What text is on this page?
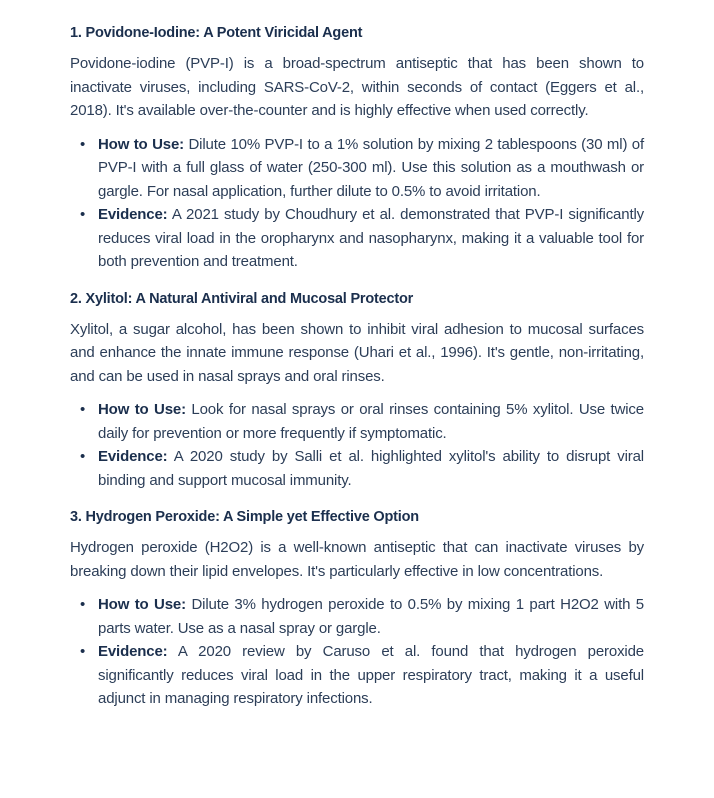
1. Povidone-Iodine: A Potent Viricidal Agent

Povidone-iodine (PVP-I) is a broad-spectrum antiseptic that has been shown to inactivate viruses, including SARS-CoV-2, within seconds of contact (Eggers et al., 2018). It's available over-the-counter and is highly effective when used correctly.

• How to Use: Dilute 10% PVP-I to a 1% solution by mixing 2 tablespoons (30 ml) of PVP-I with a full glass of water (250-300 ml). Use this solution as a mouthwash or gargle. For nasal application, further dilute to 0.5% to avoid irritation.
• Evidence: A 2021 study by Choudhury et al. demonstrated that PVP-I significantly reduces viral load in the oropharynx and nasopharynx, making it a valuable tool for both prevention and treatment.
2. Xylitol: A Natural Antiviral and Mucosal Protector

Xylitol, a sugar alcohol, has been shown to inhibit viral adhesion to mucosal surfaces and enhance the innate immune response (Uhari et al., 1996). It's gentle, non-irritating, and can be used in nasal sprays and oral rinses.

• How to Use: Look for nasal sprays or oral rinses containing 5% xylitol. Use twice daily for prevention or more frequently if symptomatic.
• Evidence: A 2020 study by Salli et al. highlighted xylitol's ability to disrupt viral binding and support mucosal immunity.
3. Hydrogen Peroxide: A Simple yet Effective Option

Hydrogen peroxide (H2O2) is a well-known antiseptic that can inactivate viruses by breaking down their lipid envelopes. It's particularly effective in low concentrations.

• How to Use: Dilute 3% hydrogen peroxide to 0.5% by mixing 1 part H2O2 with 5 parts water. Use as a nasal spray or gargle.
• Evidence: A 2020 review by Caruso et al. found that hydrogen peroxide significantly reduces viral load in the upper respiratory tract, making it a useful adjunct in managing respiratory infections.
